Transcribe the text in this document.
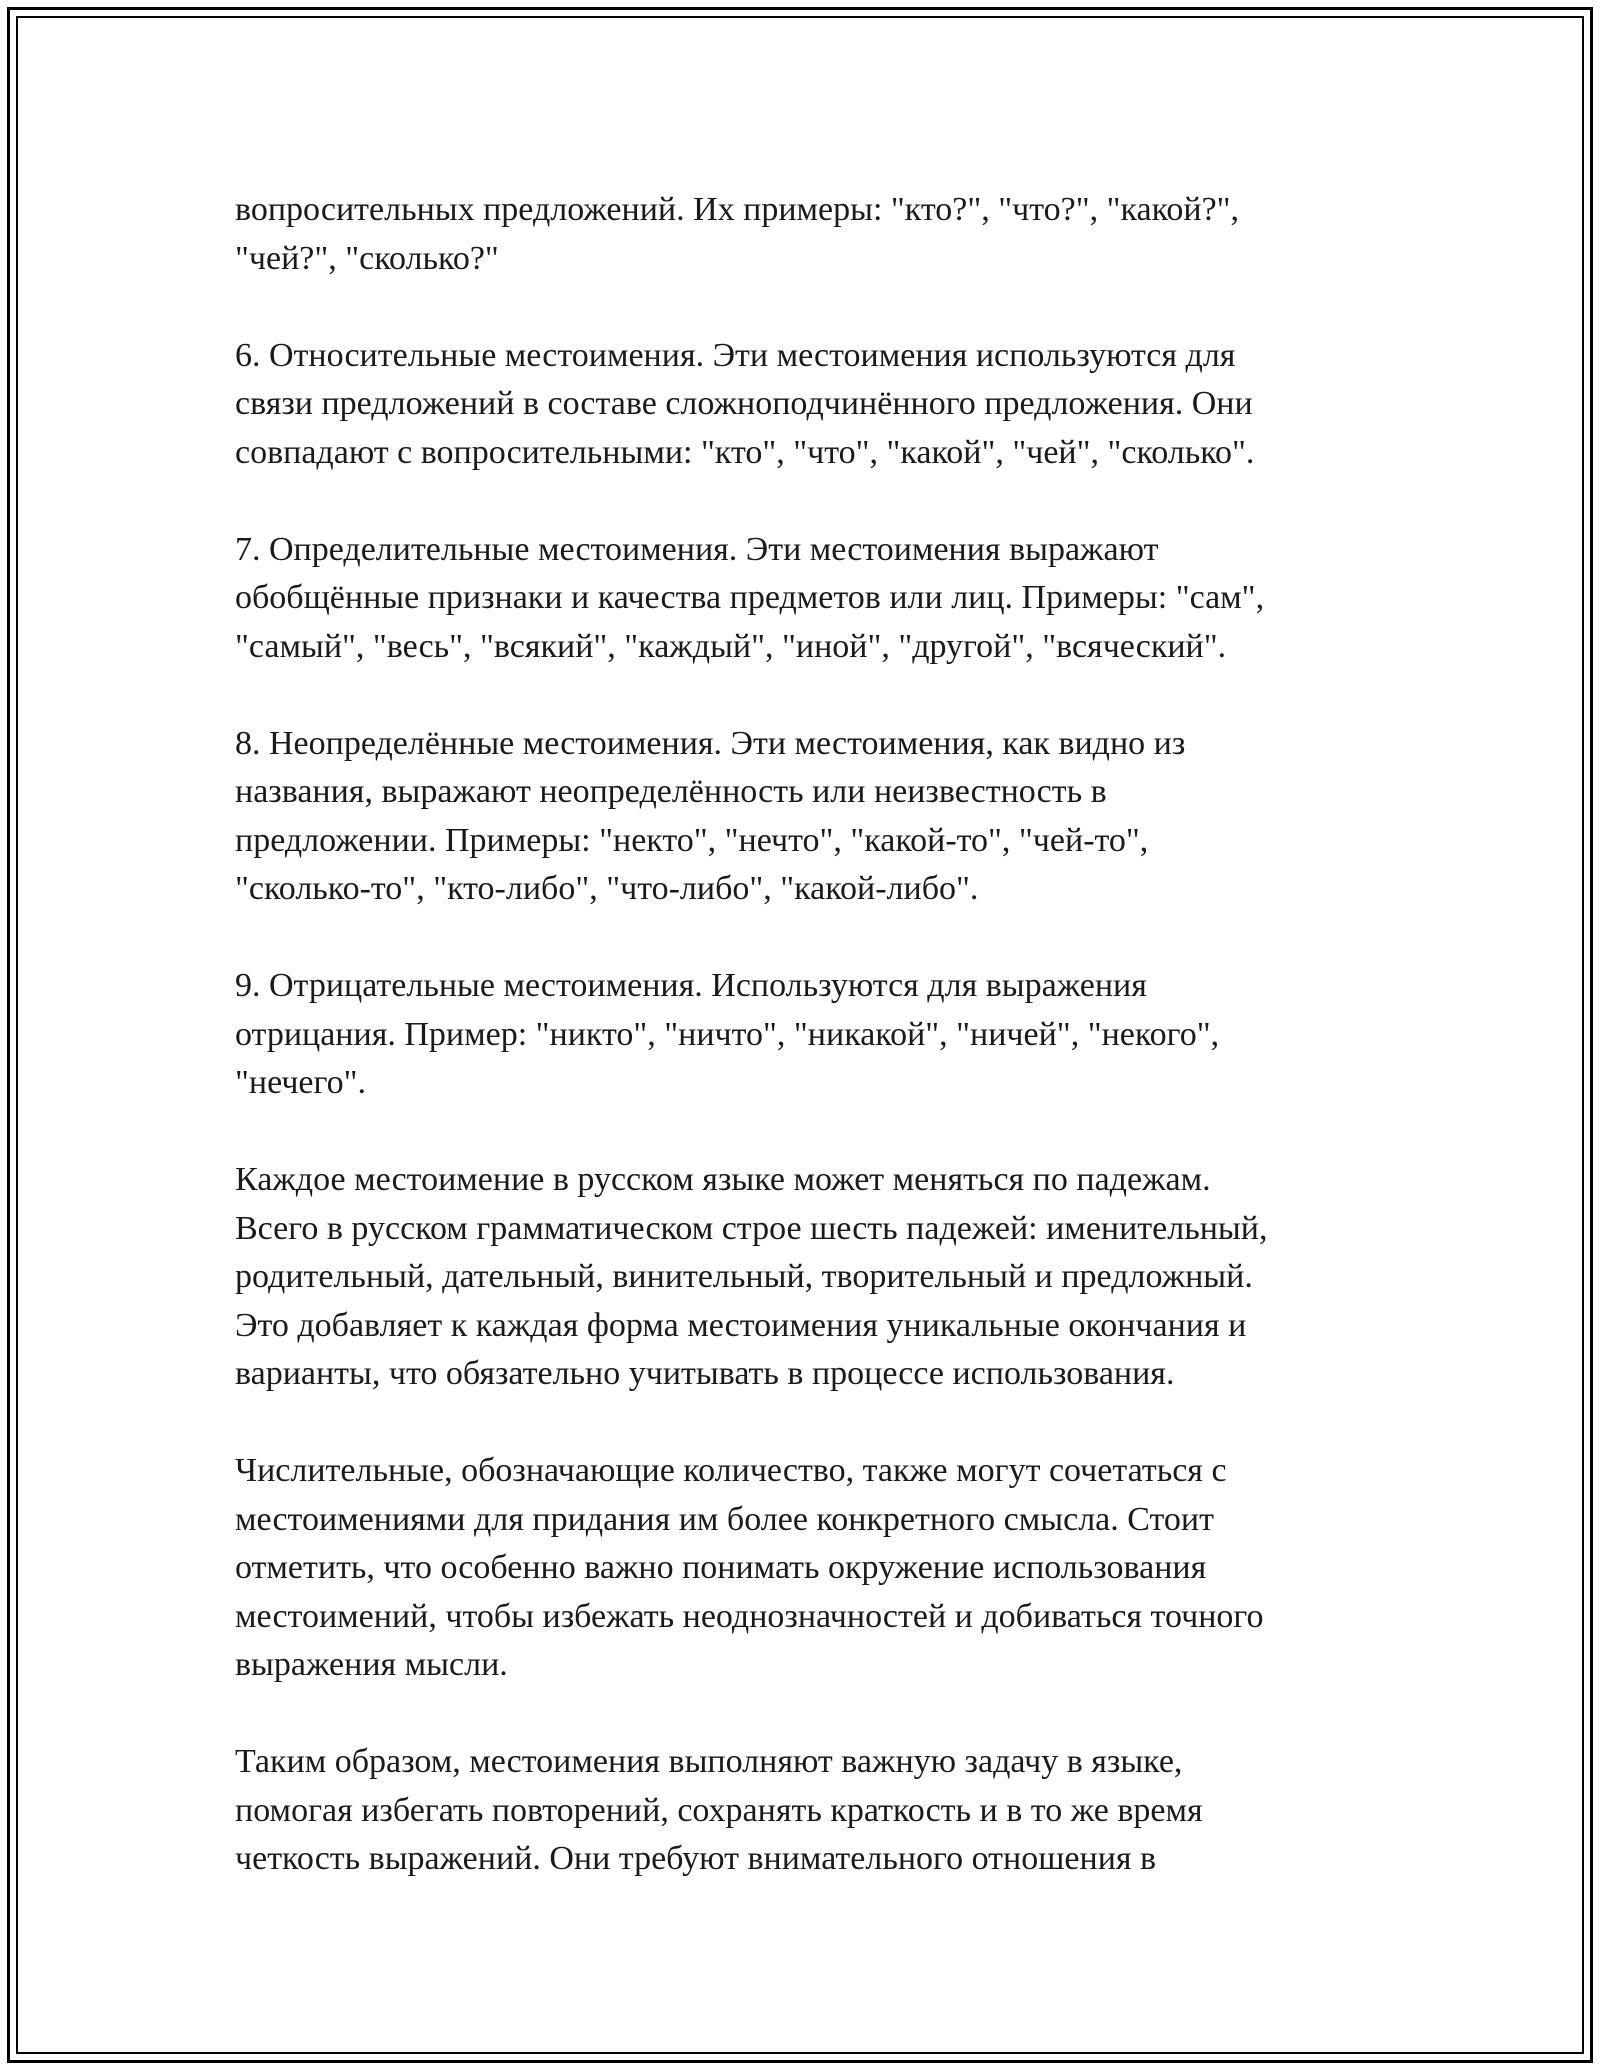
вопросительных предложений. Их примеры: "кто?", "что?", "какой?",
"чей?", "сколько?"

6. Относительные местоимения. Эти местоимения используются для
связи предложений в составе сложноподчинённого предложения. Они
совпадают с вопросительными: "кто", "что", "какой", "чей", "сколько".

7. Определительные местоимения. Эти местоимения выражают
обобщённые признаки и качества предметов или лиц. Примеры: "сам",
"самый", "весь", "всякий", "каждый", "иной", "другой", "всяческий".

8. Неопределённые местоимения. Эти местоимения, как видно из
названия, выражают неопределённость или неизвестность в
предложении. Примеры: "некто", "нечто", "какой-то", "чей-то",
"сколько-то", "кто-либо", "что-либо", "какой-либо".

9. Отрицательные местоимения. Используются для выражения
отрицания. Пример: "никто", "ничто", "никакой", "ничей", "некого",
"нечего".

Каждое местоимение в русском языке может меняться по падежам.
Всего в русском грамматическом строе шесть падежей: именительный,
родительный, дательный, винительный, творительный и предложный.
Это добавляет к каждая форма местоимения уникальные окончания и
варианты, что обязательно учитывать в процессе использования.

Числительные, обозначающие количество, также могут сочетаться с
местоимениями для придания им более конкретного смысла. Стоит
отметить, что особенно важно понимать окружение использования
местоимений, чтобы избежать неоднозначностей и добиваться точного
выражения мысли.

Таким образом, местоимения выполняют важную задачу в языке,
помогая избегать повторений, сохранять краткость и в то же время
четкость выражений. Они требуют внимательного отношения в
